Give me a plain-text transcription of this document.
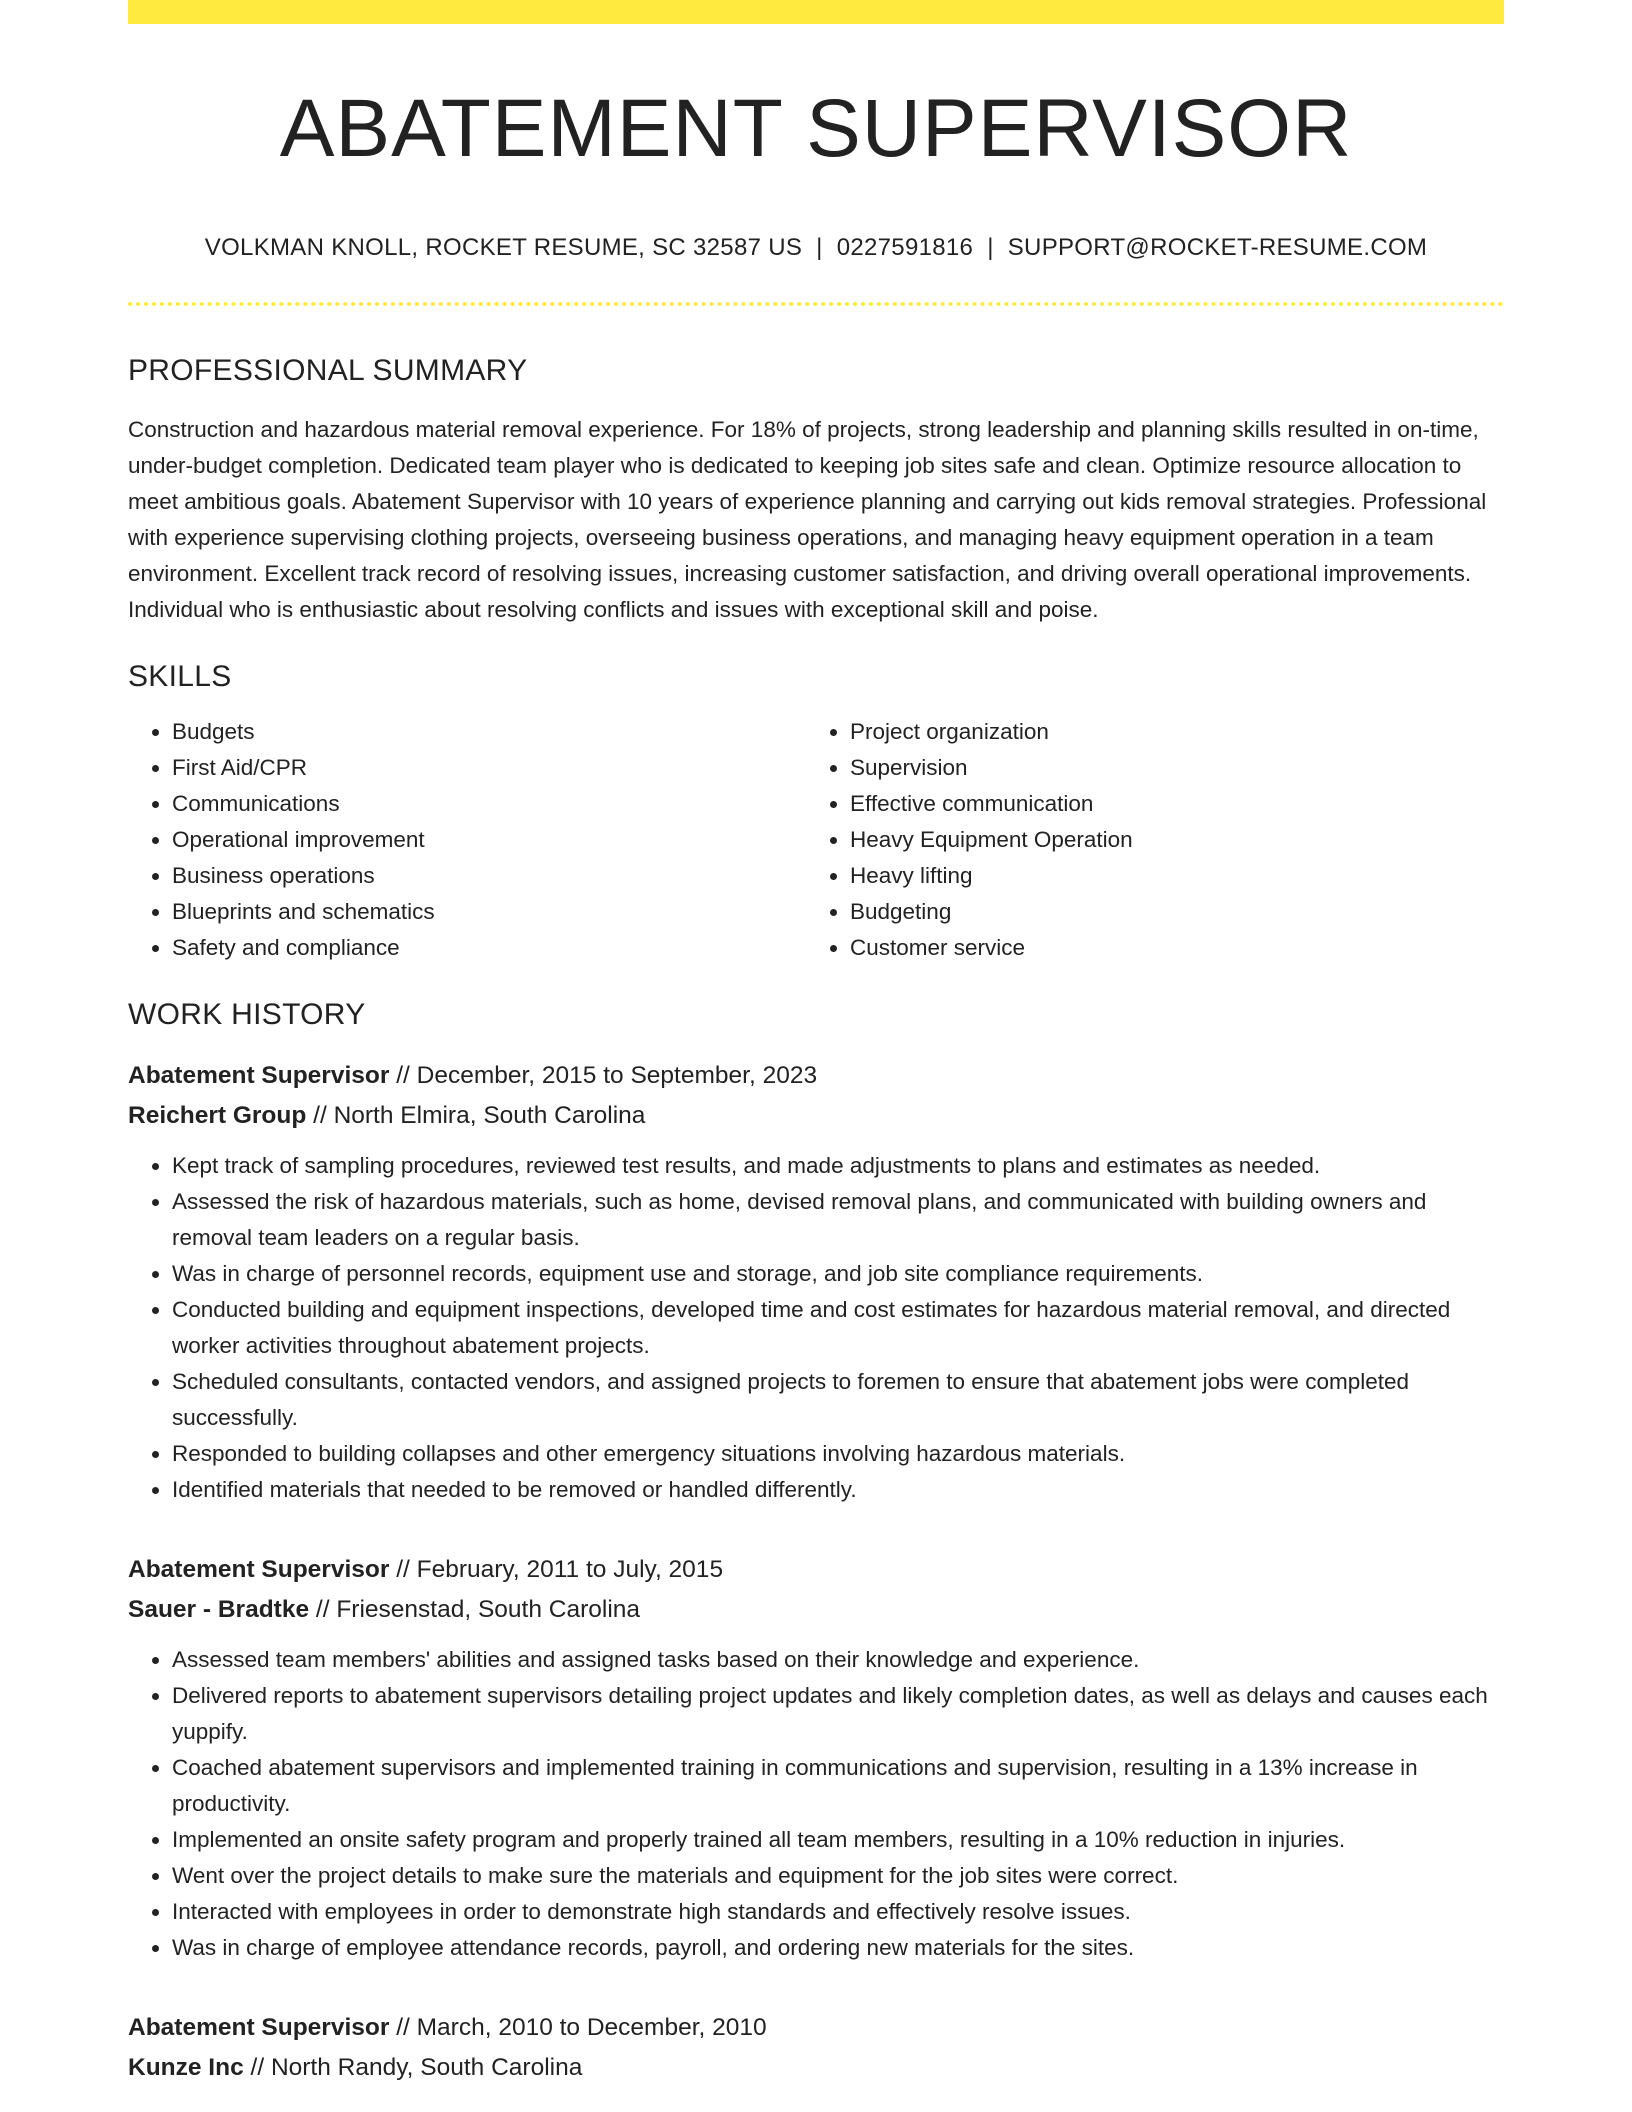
ABATEMENT SUPERVISOR
VOLKMAN KNOLL, ROCKET RESUME, SC 32587 US | 0227591816 | SUPPORT@ROCKET-RESUME.COM
PROFESSIONAL SUMMARY

Construction and hazardous material removal experience. For 18% of projects, strong leadership and planning skills resulted in on-time, under-budget completion. Dedicated team player who is dedicated to keeping job sites safe and clean. Optimize resource allocation to meet ambitious goals. Abatement Supervisor with 10 years of experience planning and carrying out kids removal strategies. Professional with experience supervising clothing projects, overseeing business operations, and managing heavy equipment operation in a team environment. Excellent track record of resolving issues, increasing customer satisfaction, and driving overall operational improvements. Individual who is enthusiastic about resolving conflicts and issues with exceptional skill and poise.

SKILLS
• Budgets
• First Aid/CPR
• Communications
• Operational improvement
• Business operations
• Blueprints and schematics
• Safety and compliance
• Project organization
• Supervision
• Effective communication
• Heavy Equipment Operation
• Heavy lifting
• Budgeting
• Customer service
WORK HISTORY
Abatement Supervisor // December, 2015 to September, 2023
Reichert Group // North Elmira, South Carolina
• Kept track of sampling procedures, reviewed test results, and made adjustments to plans and estimates as needed.
• Assessed the risk of hazardous materials, such as home, devised removal plans, and communicated with building owners and removal team leaders on a regular basis.
• Was in charge of personnel records, equipment use and storage, and job site compliance requirements.
• Conducted building and equipment inspections, developed time and cost estimates for hazardous material removal, and directed worker activities throughout abatement projects.
• Scheduled consultants, contacted vendors, and assigned projects to foremen to ensure that abatement jobs were completed successfully.
• Responded to building collapses and other emergency situations involving hazardous materials.
• Identified materials that needed to be removed or handled differently.
Abatement Supervisor // February, 2011 to July, 2015
Sauer - Bradtke // Friesenstad, South Carolina
• Assessed team members' abilities and assigned tasks based on their knowledge and experience.
• Delivered reports to abatement supervisors detailing project updates and likely completion dates, as well as delays and causes each yuppify.
• Coached abatement supervisors and implemented training in communications and supervision, resulting in a 13% increase in productivity.
• Implemented an onsite safety program and properly trained all team members, resulting in a 10% reduction in injuries.
• Went over the project details to make sure the materials and equipment for the job sites were correct.
• Interacted with employees in order to demonstrate high standards and effectively resolve issues.
• Was in charge of employee attendance records, payroll, and ordering new materials for the sites.
Abatement Supervisor // March, 2010 to December, 2010
Kunze Inc // North Randy, South Carolina
